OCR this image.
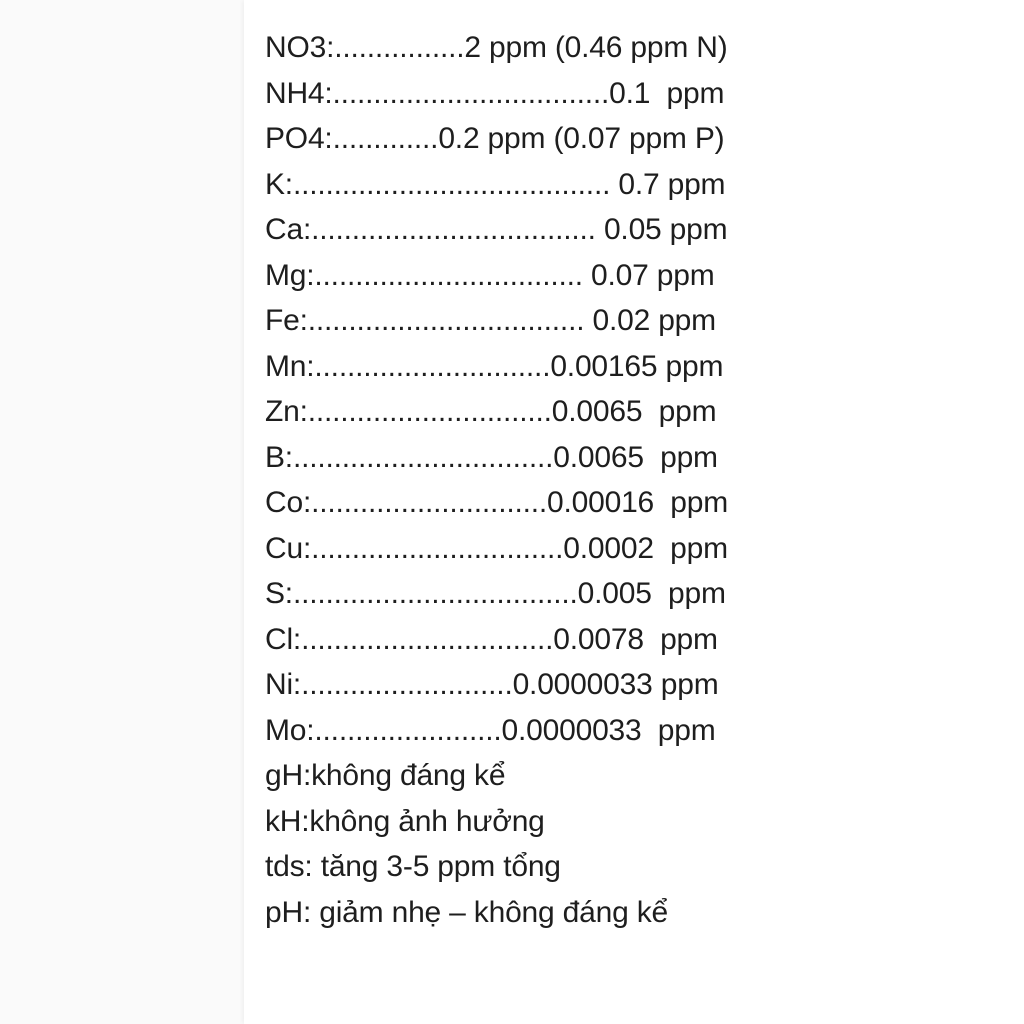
NO3:................2 ppm (0.46 ppm N)
NH4:..................................0.1  ppm
PO4:.............0.2 ppm (0.07 ppm P)
K:....................................... 0.7 ppm
Ca:................................... 0.05 ppm
Mg:................................. 0.07 ppm
Fe:.................................. 0.02 ppm
Mn:.............................0.00165 ppm
Zn:..............................0.0065  ppm
B:................................0.0065  ppm
Co:.............................0.00016  ppm
Cu:...............................0.0002  ppm
S:...................................0.005  ppm
Cl:...............................0.0078  ppm
Ni:..........................0.0000033 ppm
Mo:.......................0.0000033  ppm
gH:không đáng kể
kH:không ảnh hưởng
tds: tăng 3-5 ppm tổng
pH: giảm nhẹ – không đáng kể
